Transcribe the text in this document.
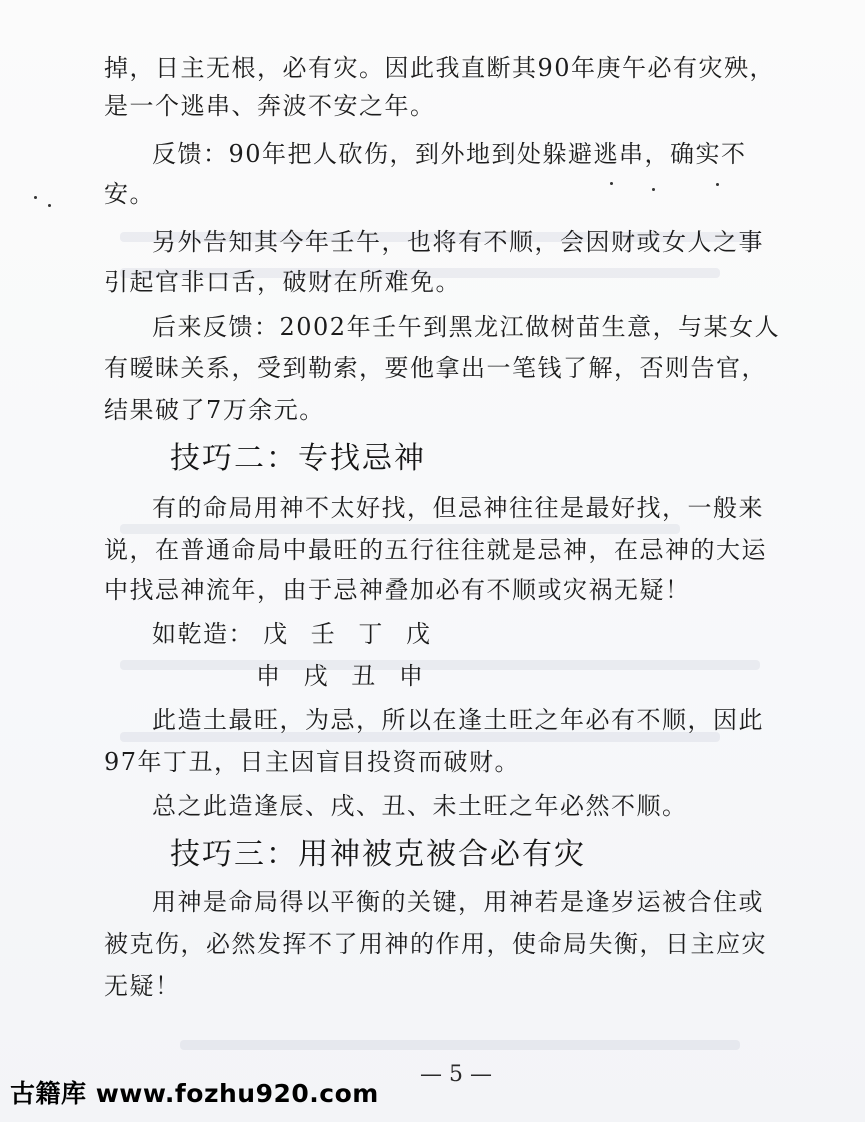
掉，日主无根，必有灾。因此我直断其90年庚午必有灾殃，
是一个逃串、奔波不安之年。
反馈：90年把人砍伤，到外地到处躲避逃串，确实不
安。
另外告知其今年壬午，也将有不顺，会因财或女人之事
引起官非口舌，破财在所难免。
后来反馈：2002年壬午到黑龙江做树苗生意，与某女人
有暧昧关系，受到勒索，要他拿出一笔钱了解，否则告官，
结果破了7万余元。
技巧二：专找忌神
有的命局用神不太好找，但忌神往往是最好找，一般来
说，在普通命局中最旺的五行往往就是忌神，在忌神的大运
中找忌神流年，由于忌神叠加必有不顺或灾祸无疑！
如乾造： 戊 壬 丁 戊
申 戌 丑 申
此造土最旺，为忌，所以在逢土旺之年必有不顺，因此
97年丁丑，日主因盲目投资而破财。
总之此造逢辰、戌、丑、未土旺之年必然不顺。
技巧三：用神被克被合必有灾
用神是命局得以平衡的关键，用神若是逢岁运被合住或
被克伤，必然发挥不了用神的作用，使命局失衡，日主应灾
无疑！
— 5 —
古籍库 www.fozhu920.com
